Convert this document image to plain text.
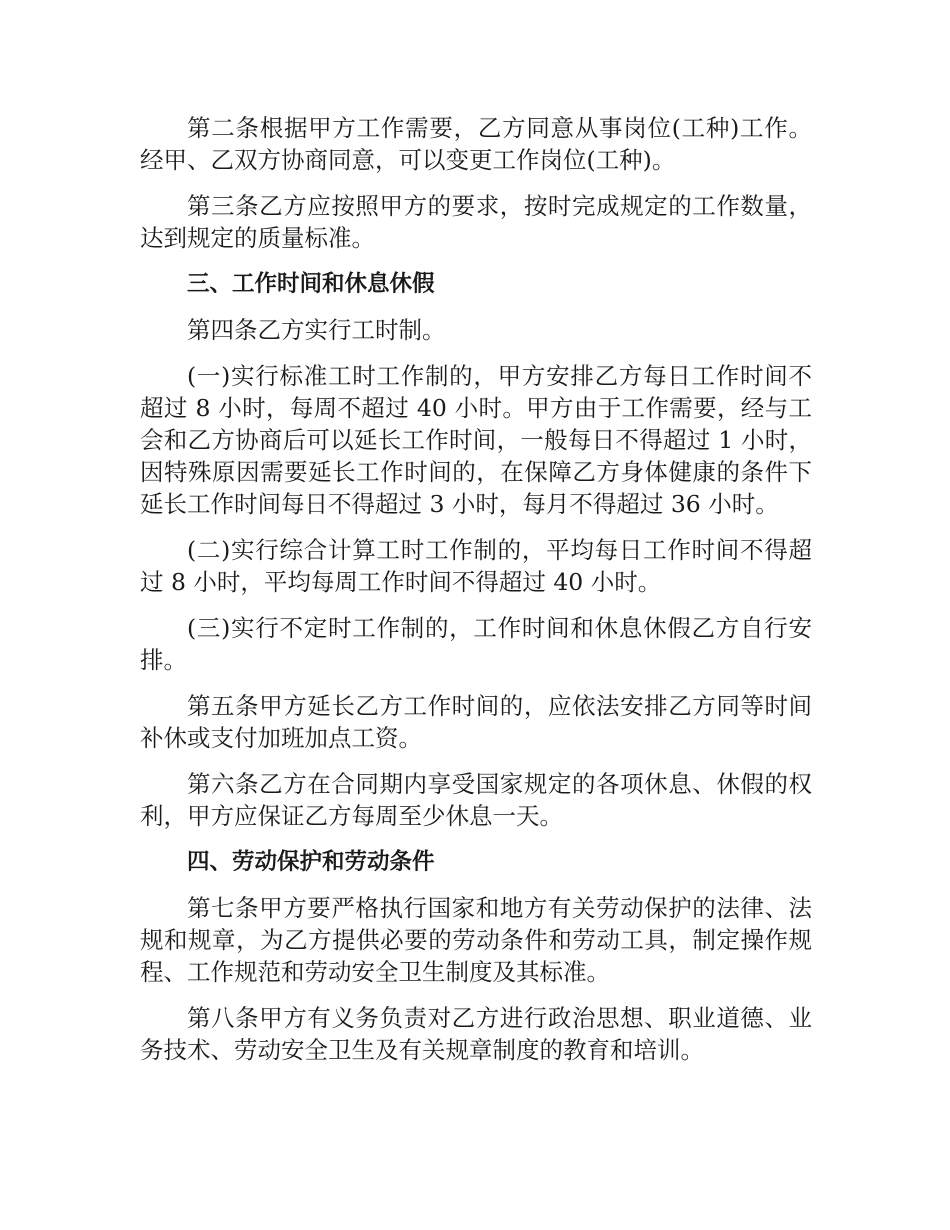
第二条根据甲方工作需要，乙方同意从事岗位(工种)工作。经甲、乙双方协商同意，可以变更工作岗位(工种)。

第三条乙方应按照甲方的要求，按时完成规定的工作数量，达到规定的质量标准。

三、工作时间和休息休假

第四条乙方实行工时制。

(一)实行标准工时工作制的，甲方安排乙方每日工作时间不超过 8 小时，每周不超过 40 小时。甲方由于工作需要，经与工会和乙方协商后可以延长工作时间，一般每日不得超过 1 小时，因特殊原因需要延长工作时间的，在保障乙方身体健康的条件下延长工作时间每日不得超过 3 小时，每月不得超过 36 小时。

(二)实行综合计算工时工作制的，平均每日工作时间不得超过 8 小时，平均每周工作时间不得超过 40 小时。

(三)实行不定时工作制的，工作时间和休息休假乙方自行安排。

第五条甲方延长乙方工作时间的，应依法安排乙方同等时间补休或支付加班加点工资。

第六条乙方在合同期内享受国家规定的各项休息、休假的权利，甲方应保证乙方每周至少休息一天。

四、劳动保护和劳动条件

第七条甲方要严格执行国家和地方有关劳动保护的法律、法规和规章，为乙方提供必要的劳动条件和劳动工具，制定操作规程、工作规范和劳动安全卫生制度及其标准。

第八条甲方有义务负责对乙方进行政治思想、职业道德、业务技术、劳动安全卫生及有关规章制度的教育和培训。
